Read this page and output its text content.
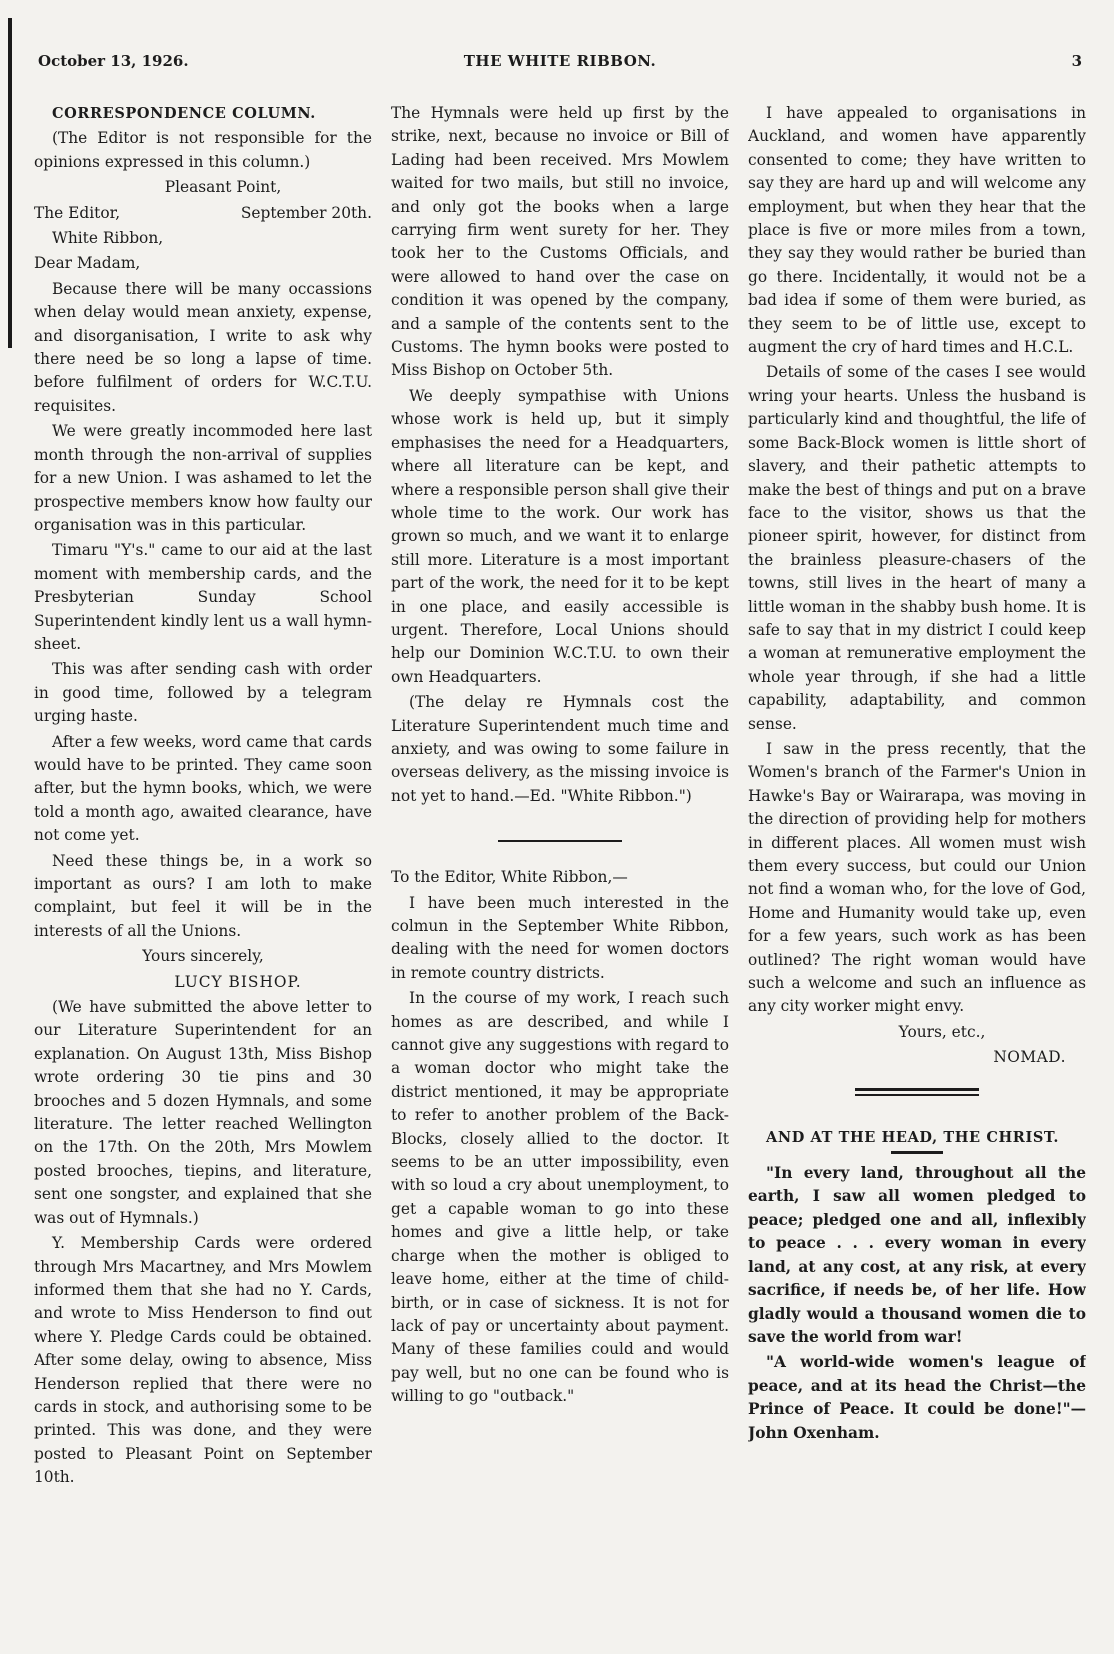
October 13, 1926.	THE WHITE RIBBON.	3

CORRESPONDENCE COLUMN.

(The Editor is not responsible for the opinions expressed in this column.)

Pleasant Point,

The Editor,	September 20th.

White Ribbon,

Dear Madam,

Because there will be many occassions when delay would mean anxiety, expense, and disorganisation, I write to ask why there need be so long a lapse of time. before fulfilment of orders for W.C.T.U. requisites.

We were greatly incommoded here last month through the non-arrival of supplies for a new Union. I was ashamed to let the prospective members know how faulty our organisation was in this particular.

Timaru "Y's." came to our aid at the last moment with membership cards, and the Presbyterian Sunday School Superintendent kindly lent us a wall hymn-sheet.

This was after sending cash with order in good time, followed by a telegram urging haste.

After a few weeks, word came that cards would have to be printed. They came soon after, but the hymn books, which, we were told a month ago, awaited clearance, have not come yet.

Need these things be, in a work so important as ours? I am loth to make complaint, but feel it will be in the interests of all the Unions.

Yours sincerely,

LUCY BISHOP.

(We have submitted the above letter to our Literature Superintendent for an explanation. On August 13th, Miss Bishop wrote ordering 30 tie pins and 30 brooches and 5 dozen Hymnals, and some literature. The letter reached Wellington on the 17th. On the 20th, Mrs Mowlem posted brooches, tiepins, and literature, sent one songster, and explained that she was out of Hymnals.)

Y. Membership Cards were ordered through Mrs Macartney, and Mrs Mowlem informed them that she had no Y. Cards, and wrote to Miss Henderson to find out where Y. Pledge Cards could be obtained. After some delay, owing to absence, Miss Henderson replied that there were no cards in stock, and authorising some to be printed. This was done, and they were posted to Pleasant Point on September 10th.

The Hymnals were held up first by the strike, next, because no invoice or Bill of Lading had been received. Mrs Mowlem waited for two mails, but still no invoice, and only got the books when a large carrying firm went surety for her. They took her to the Customs Officials, and were allowed to hand over the case on condition it was opened by the company, and a sample of the contents sent to the Customs. The hymn books were posted to Miss Bishop on October 5th.

We deeply sympathise with Unions whose work is held up, but it simply emphasises the need for a Headquarters, where all literature can be kept, and where a responsible person shall give their whole time to the work. Our work has grown so much, and we want it to enlarge still more. Literature is a most important part of the work, the need for it to be kept in one place, and easily accessible is urgent. Therefore, Local Unions should help our Dominion W.C.T.U. to own their own Headquarters.

(The delay re Hymnals cost the Literature Superintendent much time and anxiety, and was owing to some failure in overseas delivery, as the missing invoice is not yet to hand.—Ed. "White Ribbon.")

To the Editor, White Ribbon,—

I have been much interested in the colmun in the September White Ribbon, dealing with the need for women doctors in remote country districts.

In the course of my work, I reach such homes as are described, and while I cannot give any suggestions with regard to a woman doctor who might take the district mentioned, it may be appropriate to refer to another problem of the Back-Blocks, closely allied to the doctor. It seems to be an utter impossibility, even with so loud a cry about unemployment, to get a capable woman to go into these homes and give a little help, or take charge when the mother is obliged to leave home, either at the time of child-birth, or in case of sickness. It is not for lack of pay or uncertainty about payment. Many of these families could and would pay well, but no one can be found who is willing to go "outback."

I have appealed to organisations in Auckland, and women have apparently consented to come; they have written to say they are hard up and will welcome any employment, but when they hear that the place is five or more miles from a town, they say they would rather be buried than go there. Incidentally, it would not be a bad idea if some of them were buried, as they seem to be of little use, except to augment the cry of hard times and H.C.L.

Details of some of the cases I see would wring your hearts. Unless the husband is particularly kind and thoughtful, the life of some Back-Block women is little short of slavery, and their pathetic attempts to make the best of things and put on a brave face to the visitor, shows us that the pioneer spirit, however, for distinct from the brainless pleasure-chasers of the towns, still lives in the heart of many a little woman in the shabby bush home. It is safe to say that in my district I could keep a woman at remunerative employment the whole year through, if she had a little capability, adaptability, and common sense.

I saw in the press recently, that the Women's branch of the Farmer's Union in Hawke's Bay or Wairarapa, was moving in the direction of providing help for mothers in different places. All women must wish them every success, but could our Union not find a woman who, for the love of God, Home and Humanity would take up, even for a few years, such work as has been outlined? The right woman would have such a welcome and such an influence as any city worker might envy.

Yours, etc.,

NOMAD.

AND AT THE HEAD, THE CHRIST.

"In every land, throughout all the earth, I saw all women pledged to peace; pledged one and all, inflexibly to peace . . . every woman in every land, at any cost, at any risk, at every sacrifice, if needs be, of her life. How gladly would a thousand women die to save the world from war!

"A world-wide women's league of peace, and at its head the Christ—the Prince of Peace. It could be done!"—John Oxenham.
